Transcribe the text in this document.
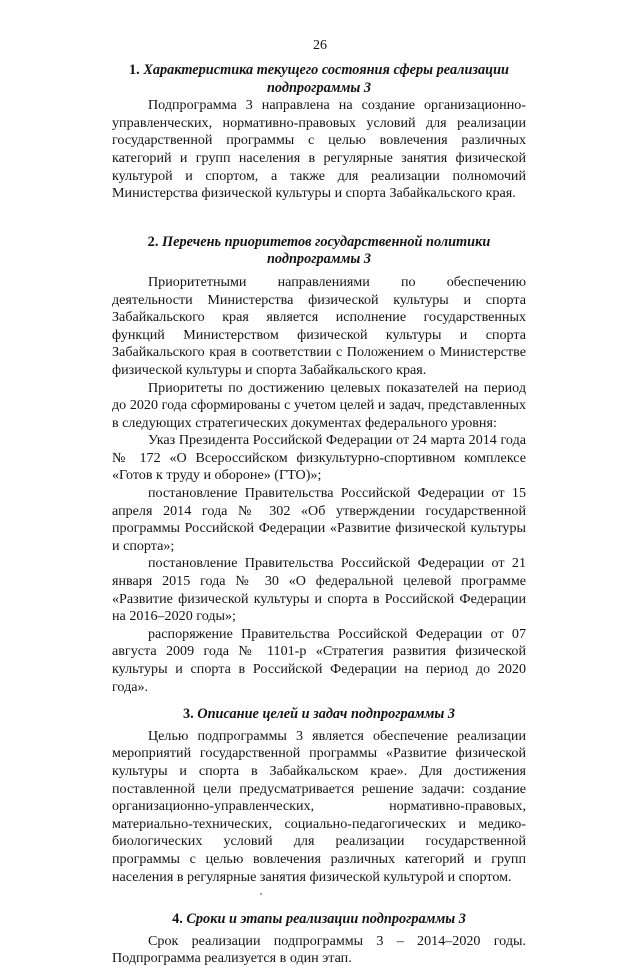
26
1. Характеристика текущего состояния сферы реализации подпрограммы 3

Подпрограмма 3 направлена на создание организационно-управленческих, нормативно-правовых условий для реализации государственной программы с целью вовлечения различных категорий и групп населения в регулярные занятия физической культурой и спортом, а также для реализации полномочий Министерства физической культуры и спорта Забайкальского края.

2. Перечень приоритетов государственной политики подпрограммы 3

Приоритетными направлениями по обеспечению деятельности Министерства физической культуры и спорта Забайкальского края является исполнение государственных функций Министерством физической культуры и спорта Забайкальского края в соответствии с Положением о Министерстве физической культуры и спорта Забайкальского края.

Приоритеты по достижению целевых показателей на период до 2020 года сформированы с учетом целей и задач, представленных в следующих стратегических документах федерального уровня:

Указ Президента Российской Федерации от 24 марта 2014 года № 172 «О Всероссийском физкультурно-спортивном комплексе «Готов к труду и обороне» (ГТО)»;

постановление Правительства Российской Федерации от 15 апреля 2014 года № 302 «Об утверждении государственной программы Российской Федерации «Развитие физической культуры и спорта»;

постановление Правительства Российской Федерации от 21 января 2015 года № 30 «О федеральной целевой программе «Развитие физической культуры и спорта в Российской Федерации на 2016–2020 годы»;

распоряжение Правительства Российской Федерации от 07 августа 2009 года № 1101-р «Стратегия развития физической культуры и спорта в Российской Федерации на период до 2020 года».

3. Описание целей и задач подпрограммы 3

Целью подпрограммы 3 является обеспечение реализации мероприятий государственной программы «Развитие физической культуры и спорта в Забайкальском крае». Для достижения поставленной цели предусматривается решение задачи: создание организационно-управленческих, нормативно-правовых, материально-технических, социально-педагогических и медико-биологических условий для реализации государственной программы с целью вовлечения различных категорий и групп населения в регулярные занятия физической культурой и спортом.

4. Сроки и этапы реализации подпрограммы 3

Срок реализации подпрограммы 3 – 2014–2020 годы. Подпрограмма реализуется в один этап.
